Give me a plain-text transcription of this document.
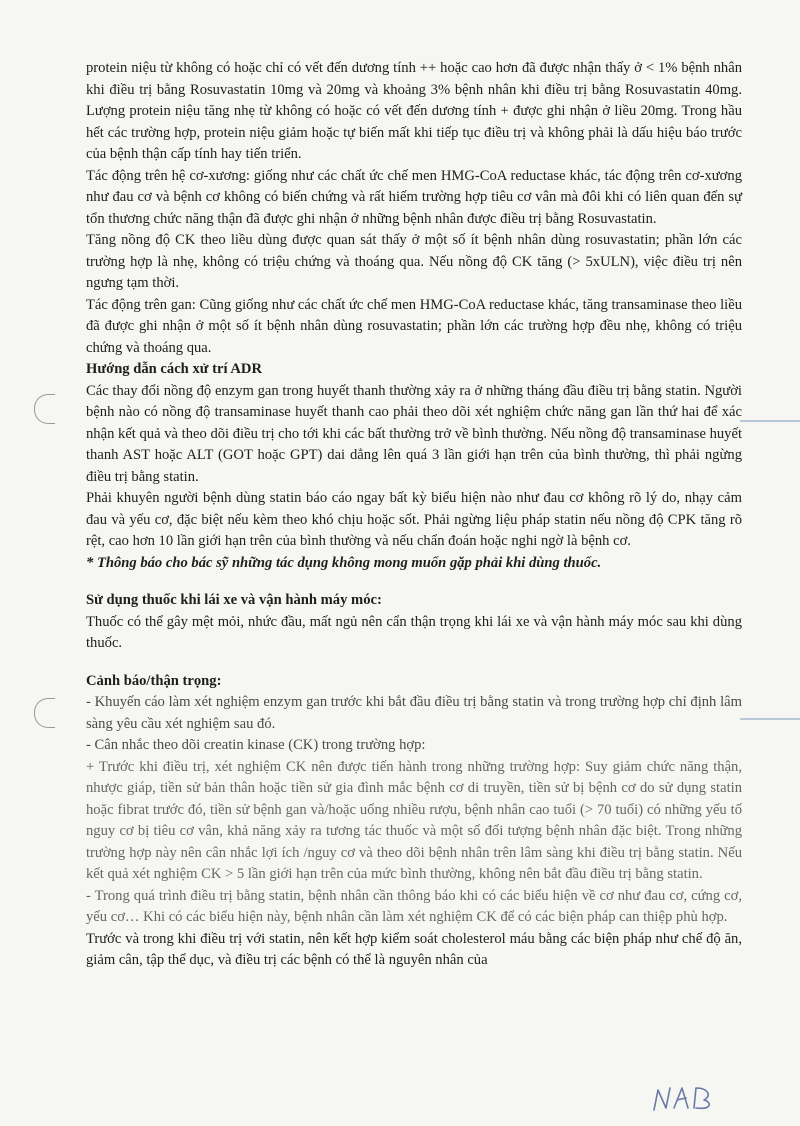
protein niệu từ không có hoặc chỉ có vết đến dương tính ++ hoặc cao hơn đã được nhận thấy ở < 1% bệnh nhân khi điều trị bằng Rosuvastatin 10mg và 20mg và khoảng 3% bệnh nhân khi điều trị bằng Rosuvastatin 40mg. Lượng protein niệu tăng nhẹ từ không có hoặc có vết đến dương tính + được ghi nhận ở liều 20mg. Trong hầu hết các trường hợp, protein niệu giảm hoặc tự biến mất khi tiếp tục điều trị và không phải là dấu hiệu báo trước của bệnh thận cấp tính hay tiến triển.

Tác động trên hệ cơ-xương: giống như các chất ức chế men HMG-CoA reductase khác, tác động trên cơ-xương như đau cơ và bệnh cơ không có biến chứng và rất hiếm trường hợp tiêu cơ vân mà đôi khi có liên quan đến sự tổn thương chức năng thận đã được ghi nhận ở những bệnh nhân được điều trị bằng Rosuvastatin.

Tăng nồng độ CK theo liều dùng được quan sát thấy ở một số ít bệnh nhân dùng rosuvastatin; phần lớn các trường hợp là nhẹ, không có triệu chứng và thoáng qua. Nếu nồng độ CK tăng (> 5xULN), việc điều trị nên ngưng tạm thời.

Tác động trên gan: Cũng giống như các chất ức chế men HMG-CoA reductase khác, tăng transaminase theo liều đã được ghi nhận ở một số ít bệnh nhân dùng rosuvastatin; phần lớn các trường hợp đều nhẹ, không có triệu chứng và thoáng qua.

Hướng dẫn cách xử trí ADR

Các thay đổi nồng độ enzym gan trong huyết thanh thường xảy ra ở những tháng đầu điều trị bằng statin. Người bệnh nào có nồng độ transaminase huyết thanh cao phải theo dõi xét nghiệm chức năng gan lần thứ hai để xác nhận kết quả và theo dõi điều trị cho tới khi các bất thường trở về bình thường. Nếu nồng độ transaminase huyết thanh AST hoặc ALT (GOT hoặc GPT) dai dẳng lên quá 3 lần giới hạn trên của bình thường, thì phải ngừng điều trị bằng statin.

Phải khuyên người bệnh dùng statin báo cáo ngay bất kỳ biểu hiện nào như đau cơ không rõ lý do, nhạy cảm đau và yếu cơ, đặc biệt nếu kèm theo khó chịu hoặc sốt. Phải ngừng liệu pháp statin nếu nồng độ CPK tăng rõ rệt, cao hơn 10 lần giới hạn trên của bình thường và nếu chẩn đoán hoặc nghi ngờ là bệnh cơ.

* Thông báo cho bác sỹ những tác dụng không mong muốn gặp phải khi dùng thuốc.

Sử dụng thuốc khi lái xe và vận hành máy móc:

Thuốc có thể gây mệt mỏi, nhức đầu, mất ngủ nên cẩn thận trọng khi lái xe và vận hành máy móc sau khi dùng thuốc.

Cảnh báo/thận trọng:

- Khuyến cáo làm xét nghiệm enzym gan trước khi bắt đầu điều trị bằng statin và trong trường hợp chỉ định lâm sàng yêu cầu xét nghiệm sau đó.

- Cân nhắc theo dõi creatin kinase (CK) trong trường hợp:

+ Trước khi điều trị, xét nghiệm CK nên được tiến hành trong những trường hợp: Suy giảm chức năng thận, nhược giáp, tiền sử bản thân hoặc tiền sử gia đình mắc bệnh cơ di truyền, tiền sử bị bệnh cơ do sử dụng statin hoặc fibrat trước đó, tiền sử bệnh gan và/hoặc uống nhiều rượu, bệnh nhân cao tuổi (> 70 tuổi) có những yếu tố nguy cơ bị tiêu cơ vân, khả năng xảy ra tương tác thuốc và một số đối tượng bệnh nhân đặc biệt. Trong những trường hợp này nên cân nhắc lợi ích /nguy cơ và theo dõi bệnh nhân trên lâm sàng khi điều trị bằng statin. Nếu kết quả xét nghiệm CK > 5 lần giới hạn trên của mức bình thường, không nên bắt đầu điều trị bằng statin.

- Trong quá trình điều trị bằng statin, bệnh nhân cần thông báo khi có các biểu hiện về cơ như đau cơ, cứng cơ, yếu cơ… Khi có các biểu hiện này, bệnh nhân cần làm xét nghiệm CK để có các biện pháp can thiệp phù hợp.

Trước và trong khi điều trị với statin, nên kết hợp kiểm soát cholesterol máu bằng các biện pháp như chế độ ăn, giảm cân, tập thể dục, và điều trị các bệnh có thể là nguyên nhân của
